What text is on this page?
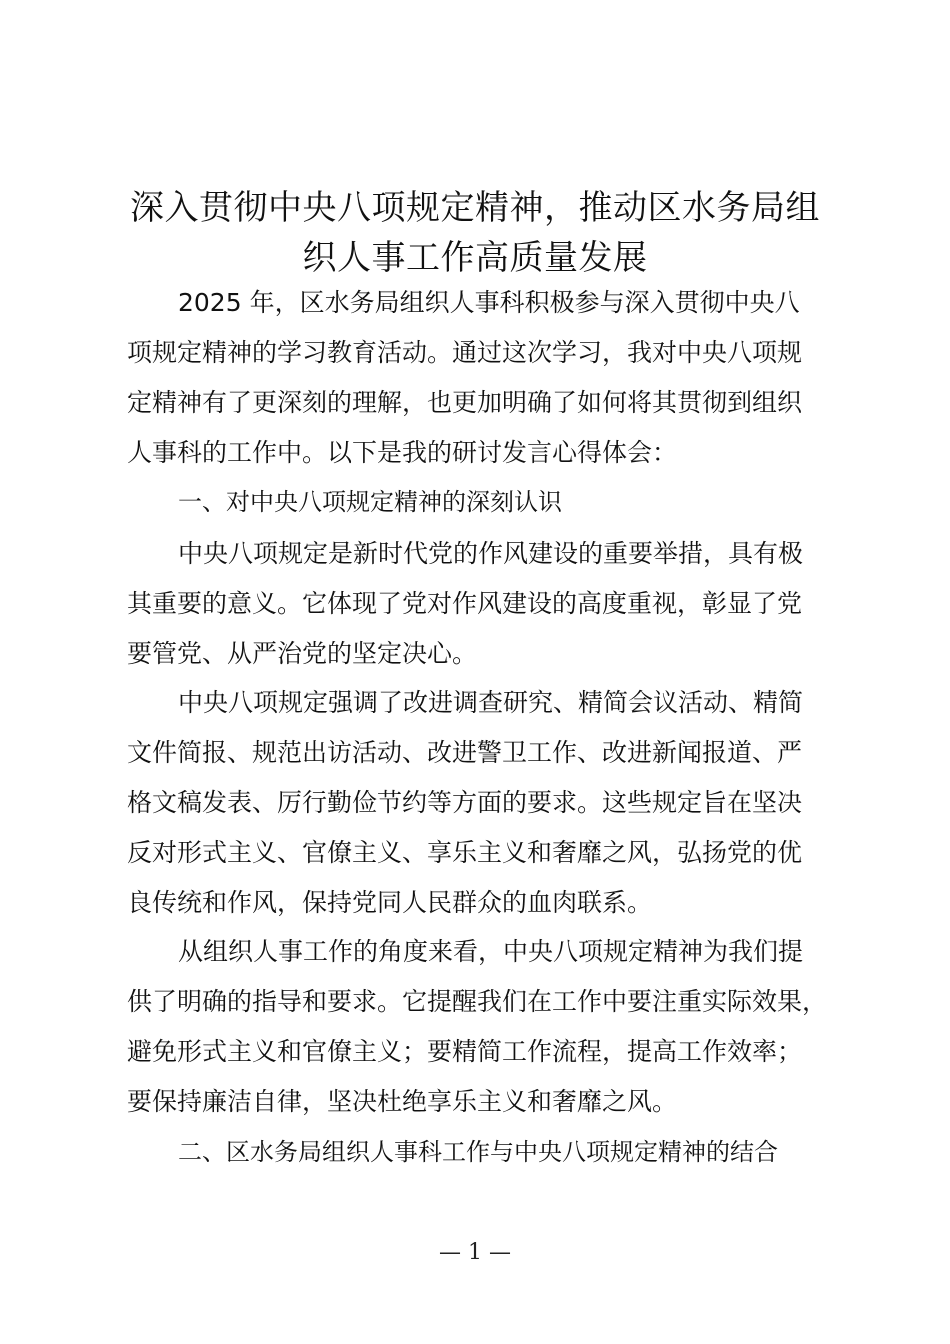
深入贯彻中央八项规定精神，推动区水务局组
织人事工作高质量发展

2025 年，区水务局组织人事科积极参与深入贯彻中央八

项规定精神的学习教育活动。通过这次学习，我对中央八项规

定精神有了更深刻的理解，也更加明确了如何将其贯彻到组织

人事科的工作中。以下是我的研讨发言心得体会：

一、对中央八项规定精神的深刻认识

中央八项规定是新时代党的作风建设的重要举措，具有极

其重要的意义。它体现了党对作风建设的高度重视，彰显了党

要管党、从严治党的坚定决心。

中央八项规定强调了改进调查研究、精简会议活动、精简

文件简报、规范出访活动、改进警卫工作、改进新闻报道、严

格文稿发表、厉行勤俭节约等方面的要求。这些规定旨在坚决

反对形式主义、官僚主义、享乐主义和奢靡之风，弘扬党的优

良传统和作风，保持党同人民群众的血肉联系。

从组织人事工作的角度来看，中央八项规定精神为我们提

供了明确的指导和要求。它提醒我们在工作中要注重实际效果，

避免形式主义和官僚主义；要精简工作流程，提高工作效率；

要保持廉洁自律，坚决杜绝享乐主义和奢靡之风。

二、区水务局组织人事科工作与中央八项规定精神的结合

— 1 —
